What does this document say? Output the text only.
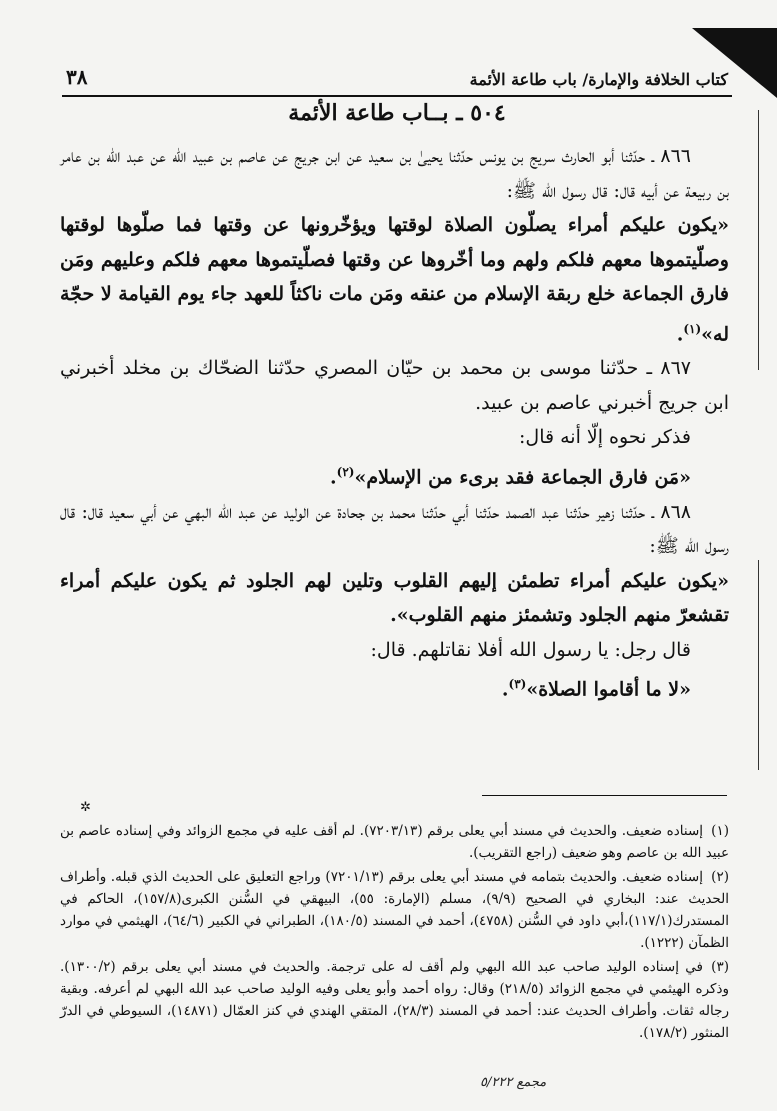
كتاب الخلافة والإمارة/ باب طاعة الأئمة
٣٨
٥٠٤ ـ بــاب طاعة الأئمة

٨٦٦ ـ حدّثنا أبو الحارث سريج بن يونس حدّثنا يحيىٰ بن سعيد عن ابن جريج عن عاصم بن عبيد الله عن عبد الله بن عامر بن ربيعة عن أبيه قال: قال رسول الله ﷺ:

«يكون عليكم أمراء يصلّون الصلاة لوقتها ويؤخّرونها عن وقتها فما صلّوها لوقتها وصلّيتموها معهم فلكم ولهم وما أخّروها عن وقتها فصلّيتموها معهم فلكم وعليهم ومَن فارق الجماعة خلع ربقة الإسلام من عنقه ومَن مات ناكثاً للعهد جاء يوم القيامة لا حجّة له»$^{(١)}$.

٨٦٧ ـ حدّثنا موسى بن محمد بن حيّان المصري حدّثنا الضحّاك بن مخلد أخبرني ابن جريج أخبرني عاصم بن عبيد.

فذكر نحوه إلّا أنه قال:

«مَن فارق الجماعة فقد برىء من الإسلام»$^{(٢)}$.

٨٦٨ ـ حدّثنا زهير حدّثنا عبد الصمد حدّثنا أبي حدّثنا محمد بن جحادة عن الوليد عن عبد الله البهي عن أبي سعيد قال: قال رسول الله ﷺ:

«يكون عليكم أمراء تطمئن إليهم القلوب وتلين لهم الجلود ثم يكون عليكم أمراء تقشعرّ منهم الجلود وتشمئز منهم القلوب».

قال رجل: يا رسول الله أفلا نقاتلهم. قال:

«لا ما أقاموا الصلاة»$^{(٣)}$.

✲

(١)إسناده ضعيف. والحديث في مسند أبي يعلى برقم (٧٢٠٣/١٣). لم أقف عليه في مجمع الزوائد وفي إسناده عاصم بن عبيد الله بن عاصم وهو ضعيف (راجع التقريب).

(٢)إسناده ضعيف. والحديث بتمامه في مسند أبي يعلى برقم (٧٢٠١/١٣) وراجع التعليق على الحديث الذي قبله. وأطراف الحديث عند: البخاري في الصحيح (٩/٩)، مسلم (الإمارة: ٥٥)، البيهقي في السُّنن الكبرى(١٥٧/٨)، الحاكم في المستدرك(١١٧/١)،أبي داود في السُّنن (٤٧٥٨)، أحمد في المسند (١٨٠/٥)، الطبراني في الكبير (٦٤/٦)، الهيثمي في موارد الظمآن (١٢٢٢).

(٣)في إسناده الوليد صاحب عبد الله البهي ولم أقف له على ترجمة. والحديث في مسند أبي يعلى برقم (١٣٠٠/٢). وذكره الهيثمي في مجمع الزوائد (٢١٨/٥) وقال: رواه أحمد وأبو يعلى وفيه الوليد صاحب عبد الله البهي لم أعرفه. وبقية رجاله ثقات. وأطراف الحديث عند: أحمد في المسند (٢٨/٣)، المتقي الهندي في كنز العمّال (١٤٨٧١)، السيوطي في الدرّ المنثور (١٧٨/٢).

مجمع ٥/٢٢٢
